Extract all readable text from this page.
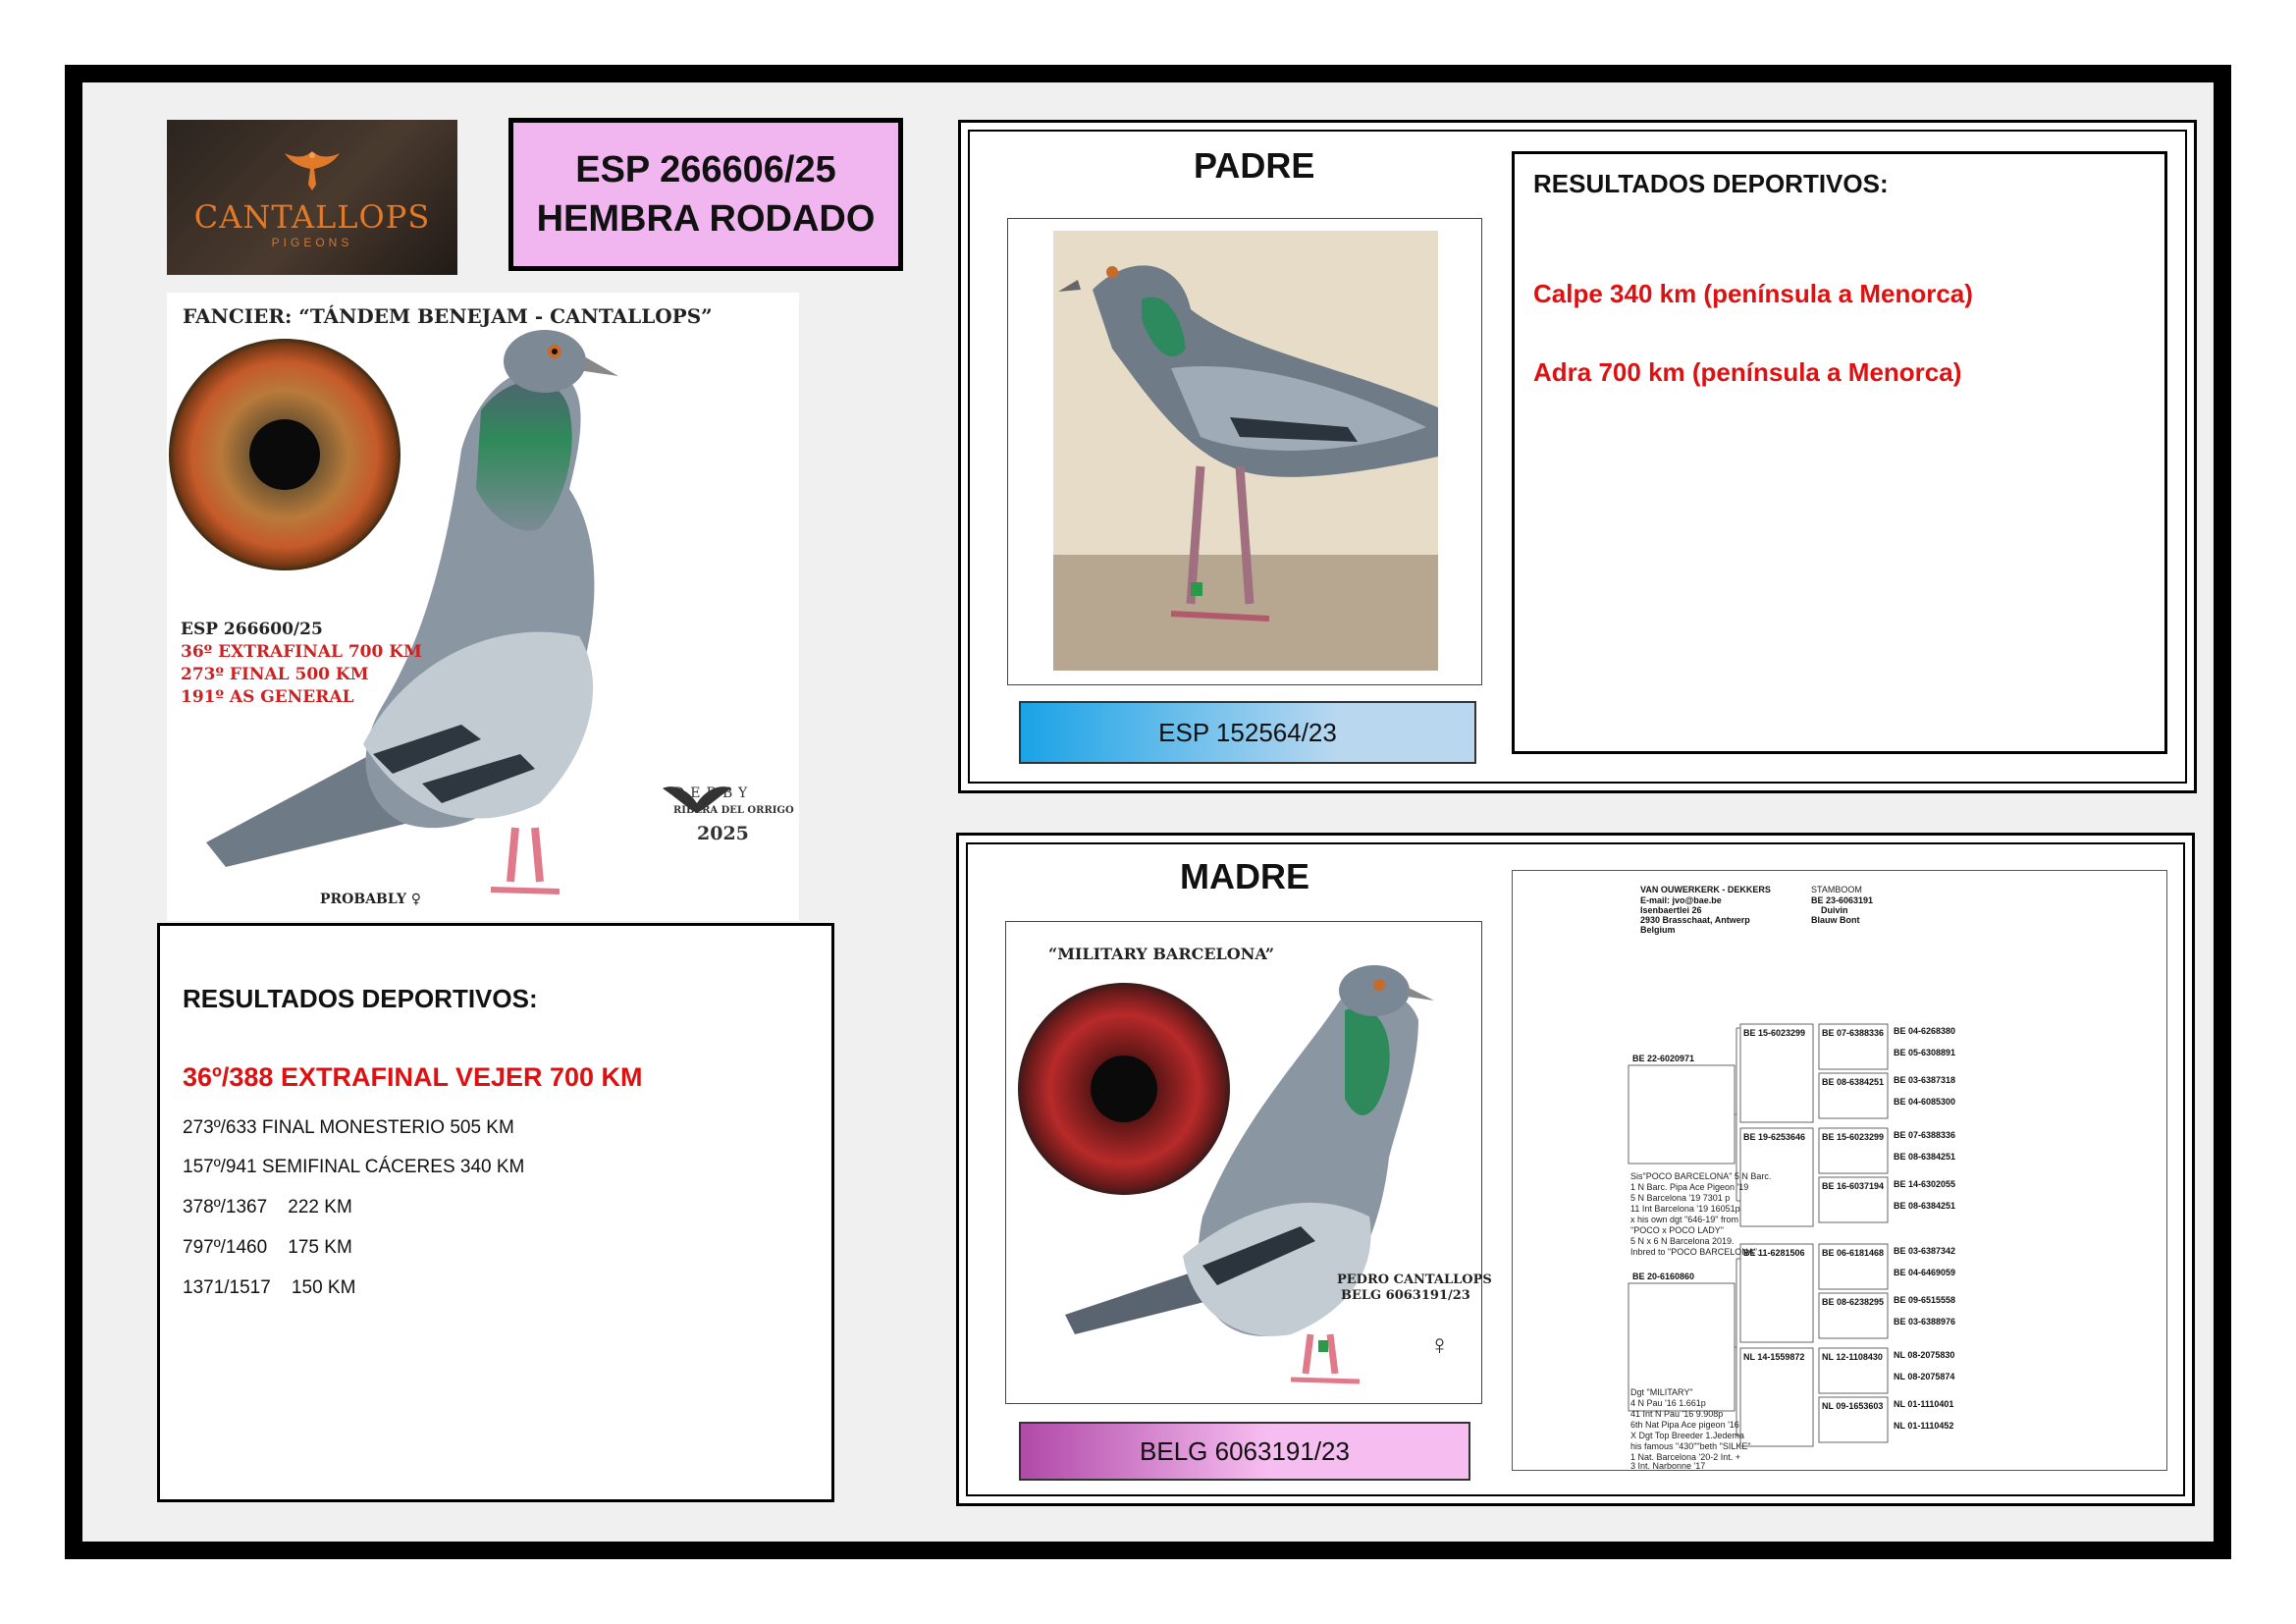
CANTALLOPS
PIGEONS
ESP 266606/25
HEMBRA RODADO
FANCIER: “TÁNDEM BENEJAM - CANTALLOPS”
ESP 266600/25
36º EXTRAFINAL 700 KM
273º FINAL 500 KM
191º AS GENERAL
DERBY
RIBERA DEL ORRIGO
2025
PROBABLY ♀
RESULTADOS DEPORTIVOS:
36º/388 EXTRAFINAL VEJER 700 KM
273º/633 FINAL MONESTERIO 505 KM
157º/941 SEMIFINAL CÁCERES 340 KM
378º/1367    222 KM
797º/1460    175 KM
1371/1517    150 KM
PADRE
ESP 152564/23
RESULTADOS DEPORTIVOS:
Calpe 340 km (península a Menorca)
Adra 700 km (península a Menorca)
MADRE
“MILITARY BARCELONA”
PEDRO CANTALLOPS
BELG 6063191/23
♀
BELG 6063191/23
VAN OUWERKERK - DEKKERS
E-mail: jvo@bae.be
Isenbaertlei 26
2930 Brasschaat, Antwerp
Belgium
STAMBOOM
BE 23-6063191
Duivin
Blauw Bont
BE 22-6020971
BE 20-6160860
BE 15-6023299
BE 19-6253646
BE 11-6281506
NL 14-1559872
BE 07-6388336
BE 08-6384251
BE 15-6023299
BE 16-6037194
BE 06-6181468
BE 08-6238295
NL 12-1108430
NL 09-1653603
BE 04-6268380
BE 05-6308891
BE 03-6387318
BE 04-6085300
BE 07-6388336
BE 08-6384251
BE 14-6302055
BE 08-6384251
BE 03-6387342
BE 04-6469059
BE 09-6515558
BE 03-6388976
NL 08-2075830
NL 08-2075874
NL 01-1110401
NL 01-1110452
Sis"POCO BARCELONA" 5 N Barc.
1 N Barc. Pipa Ace Pigeon '19
5 N Barcelona '19 7301 p
11 Int Barcelona '19 16051p
x his own dgt "646-19" from
"POCO x POCO LADY"
5 N x 6 N Barcelona 2019.
Inbred to "POCO BARCELONA".
Dgt "MILITARY"
4 N Pau '16 1.661p
41 Int N Pau '16 9.908p
6th Nat Pipa Ace pigeon '16
X Dgt Top Breeder 1.Jedema
his famous "430""beth "SILKE"
1 Nat. Barcelona '20-2 Int. +
3 Int. Narbonne '17
